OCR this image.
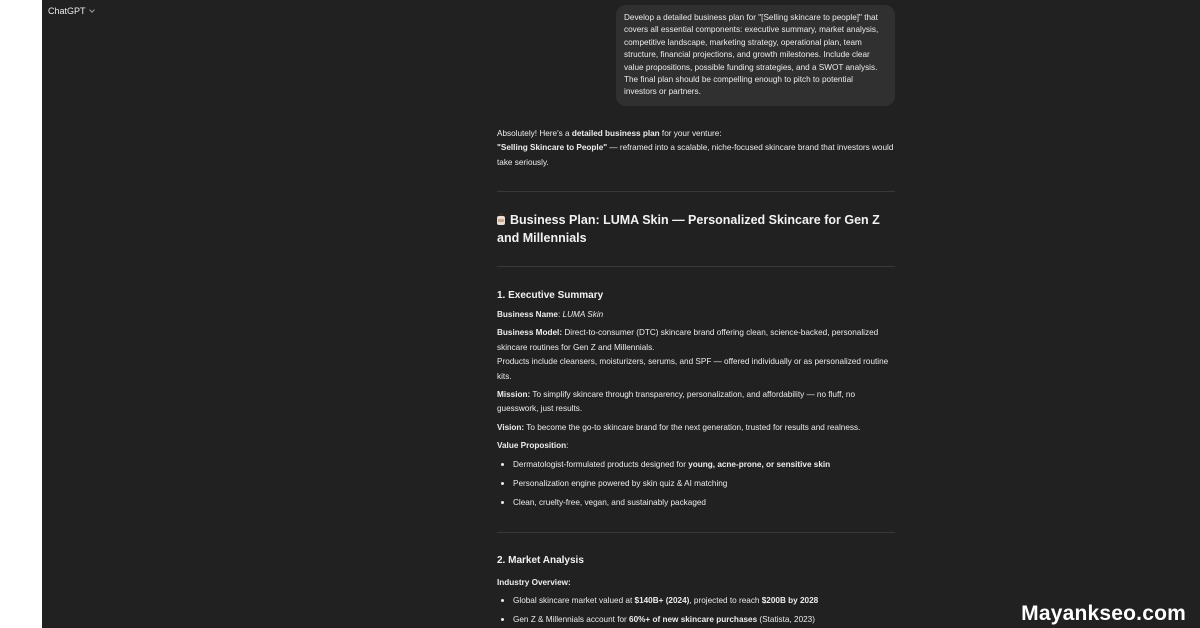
ChatGPT
Develop a detailed business plan for "[Selling skincare to people]" that covers all essential components: executive summary, market analysis, competitive landscape, marketing strategy, operational plan, team structure, financial projections, and growth milestones. Include clear value propositions, possible funding strategies, and a SWOT analysis. The final plan should be compelling enough to pitch to potential investors or partners.

Absolutely! Here's a detailed business plan for your venture:

"Selling Skincare to People" — reframed into a scalable, niche-focused skincare brand that investors would take seriously.

Business Plan: LUMA Skin — Personalized Skincare for Gen Z and Millennials
1. Executive Summary

Business Name: LUMA Skin

Business Model: Direct-to-consumer (DTC) skincare brand offering clean, science-backed, personalized skincare routines for Gen Z and Millennials.

Products include cleansers, moisturizers, serums, and SPF — offered individually or as personalized routine kits.

Mission: To simplify skincare through transparency, personalization, and affordability — no fluff, no guesswork, just results.

Vision: To become the go-to skincare brand for the next generation, trusted for results and realness.

Value Proposition:

Dermatologist-formulated products designed for young, acne-prone, or sensitive skin
Personalization engine powered by skin quiz & AI matching
Clean, cruelty-free, vegan, and sustainably packaged
2. Market Analysis

Industry Overview:

Global skincare market valued at $140B+ (2024), projected to reach $200B by 2028
Gen Z & Millennials account for 60%+ of new skincare purchases (Statista, 2023)	Mayankseo.com
